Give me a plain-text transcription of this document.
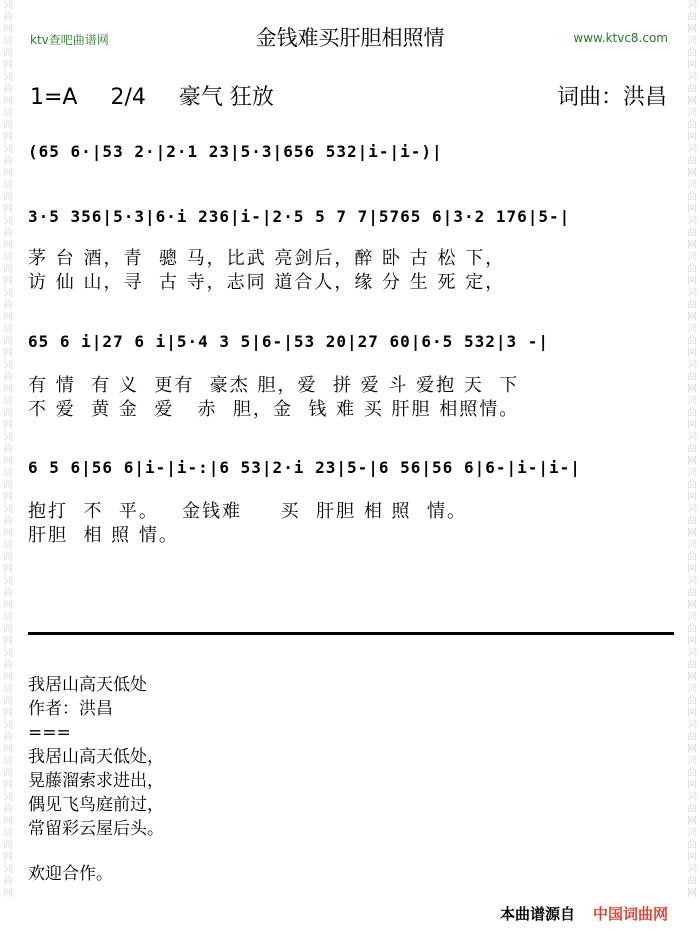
词
曲
网
词
曲
网
词
曲
网
词
曲
网
词
曲
网
词
曲
网
词
曲
网
词
曲
网
词
曲
网
词
曲
网
词
曲
网
词
曲
网
词
曲
网
词
曲
网
词
曲
网
词
曲
网
词
曲
网
词
曲
网
词
曲
网
词
曲
网
词
曲
网
词
曲
网
词
曲
网
词
曲
网
词
曲
网
词
曲
网
词
曲
网
词
曲
网
词
曲
网
词
曲
网
词
曲
网
词
曲
网
词
曲
网
词
曲
网
词
曲
网
词
曲
网
词
曲
网
词
曲
网
词
曲
网
词
曲
网
词
曲
网
词
曲
网
词
曲
网
词
曲
网
词
曲
网
词
曲
网
词
曲
网
词
曲
网
词
曲
网
词
曲
网
ktv查吧曲谱网	金钱难买肝胆相照情	www.ktvc8.com
1=A 2/4 豪气 狂放	词曲：洪昌
(65 6·|53 2·|2·1 23|5·3|656 532|i-|i-)|
3·5 356|5·3|6·i 236|i-|2·5 5 7 7|5765 6|3·2 176|5-|
茅 台 酒，青  骢 马，比武 亮剑后，醉 卧 古 松 下，
访 仙 山，寻  古 寺，志同 道合人，缘 分 生 死 定，
65 6 i|27 6 i|5·4 3 5|6-|53 20|27 60|6·5 532|3 -|
有 情  有 义  更有  豪杰 胆，爱  拼 爱 斗 爱抱 天  下
不 爱  黄 金  爱   赤  胆，金  钱 难 买 肝胆 相照情。
6 5 6|56 6|i-|i-:|6 53|2·i 23|5-|6 56|56 6|6-|i-|i-|
抱打  不  平。   金钱难     买  肝胆 相 照  情。
肝胆  相 照 情。
我居山高天低处
作者：洪昌
===
我居山高天低处，
晃藤溜索求进出，
偶见飞鸟庭前过，
常留彩云屋后头。
欢迎合作。
本曲谱源自 中国词曲网
